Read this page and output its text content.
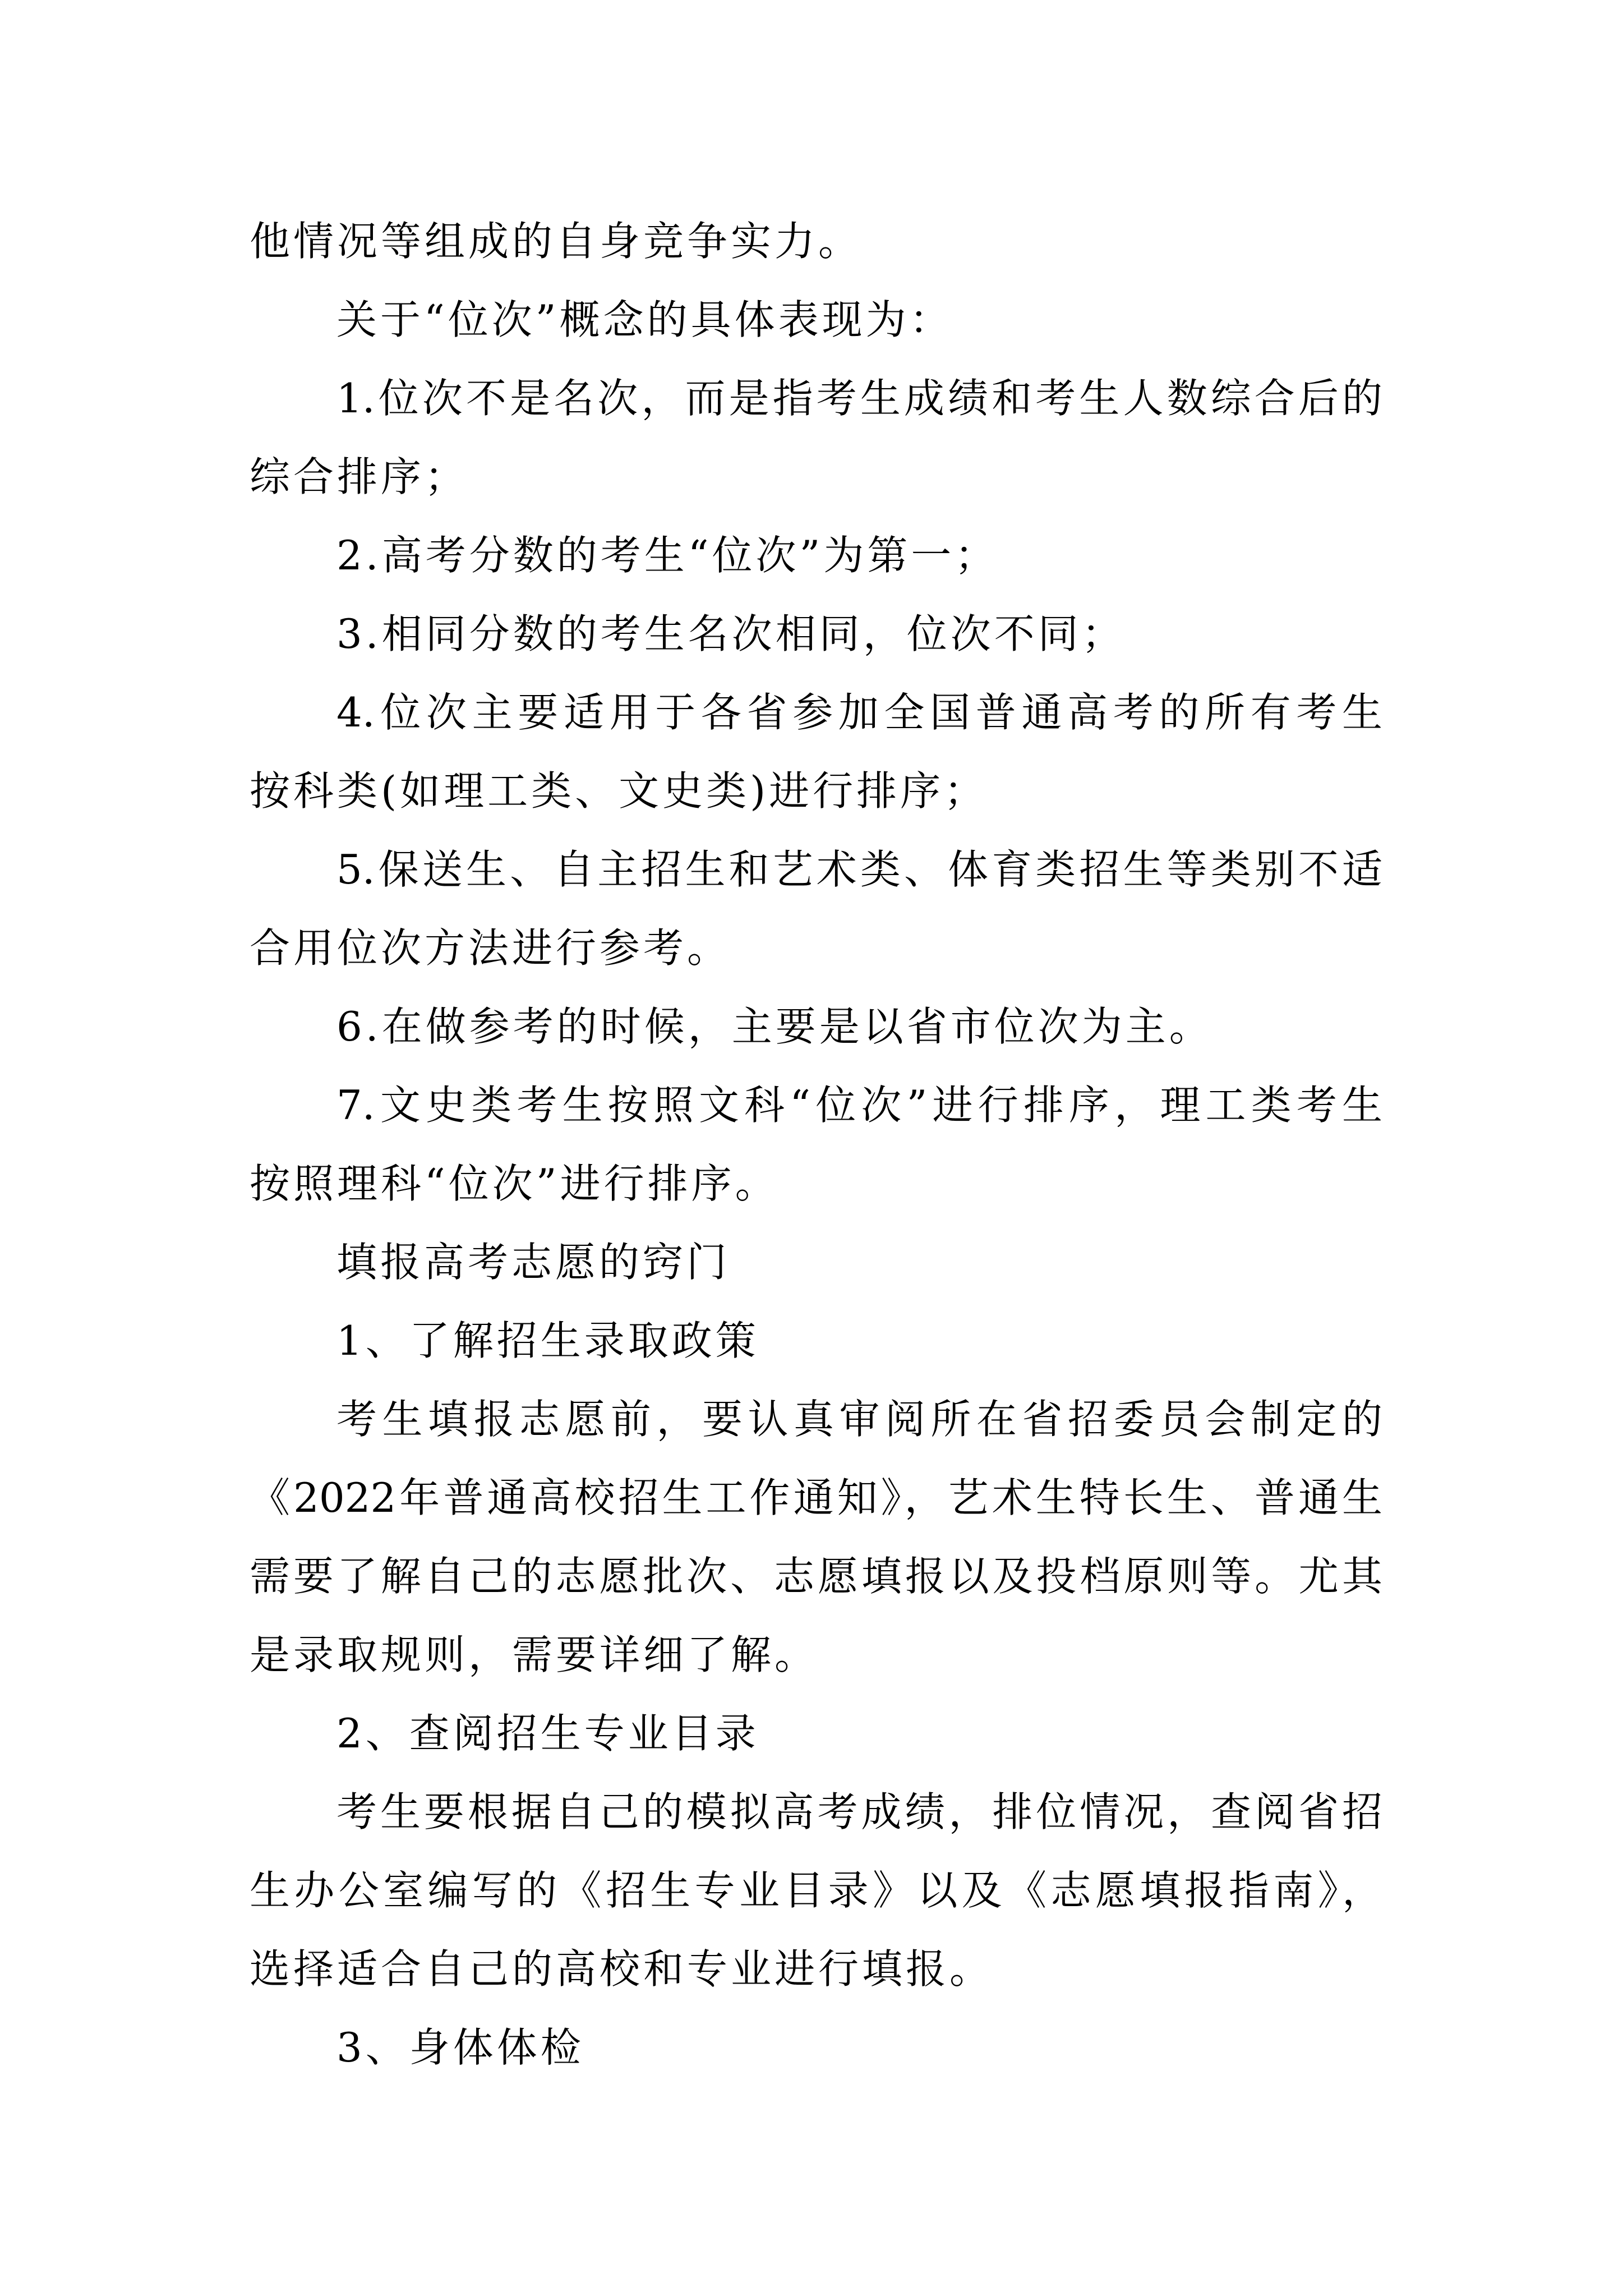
他情况等组成的自身竞争实力。
关于“位次”概念的具体表现为：
1.位次不是名次，而是指考生成绩和考生人数综合后的
综合排序；
2.高考分数的考生“位次”为第一；
3.相同分数的考生名次相同，位次不同；
4.位次主要适用于各省参加全国普通高考的所有考生
按科类(如理工类、文史类)进行排序；
5.保送生、自主招生和艺术类、体育类招生等类别不适
合用位次方法进行参考。
6.在做参考的时候，主要是以省市位次为主。
7.文史类考生按照文科“位次”进行排序，理工类考生
按照理科“位次”进行排序。
填报高考志愿的窍门
1、了解招生录取政策
考生填报志愿前，要认真审阅所在省招委员会制定的
《2022年普通高校招生工作通知》，艺术生特长生、普通生
需要了解自己的志愿批次、志愿填报以及投档原则等。尤其
是录取规则，需要详细了解。
2、查阅招生专业目录
考生要根据自己的模拟高考成绩，排位情况，查阅省招
生办公室编写的《招生专业目录》以及《志愿填报指南》，
选择适合自己的高校和专业进行填报。
3、身体体检
